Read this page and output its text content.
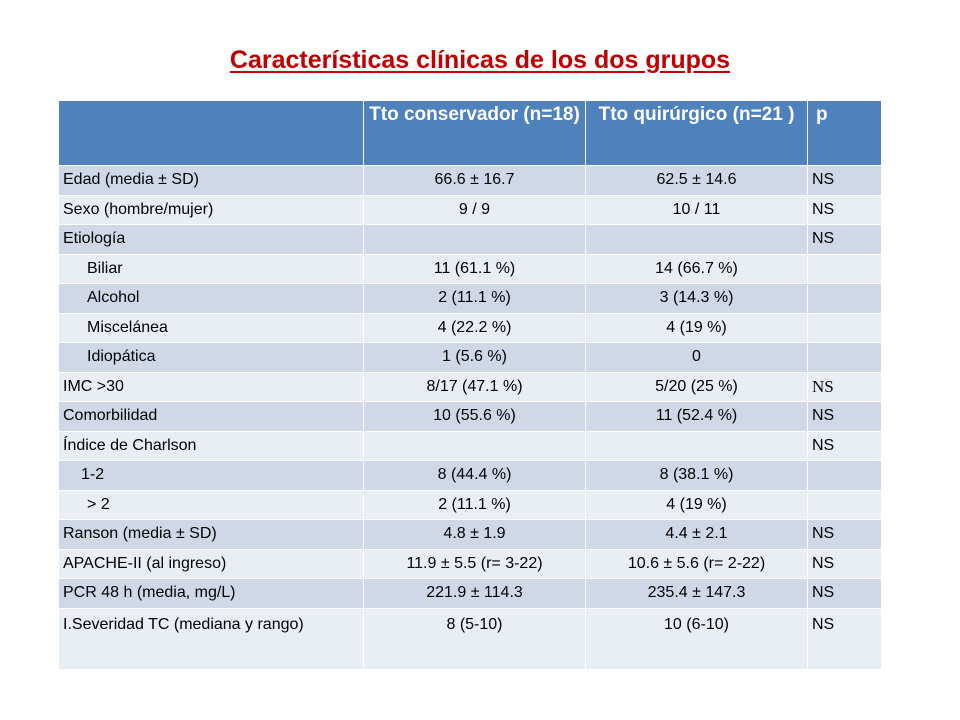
Características clínicas de los dos grupos
	Tto conservador (n=18)	Tto quirúrgico (n=21 )	p
Edad (media ± SD)	66.6 ± 16.7	62.5 ± 14.6	NS
Sexo (hombre/mujer)	9 / 9	10 / 11	NS
Etiología			NS
Biliar	11 (61.1 %)	14 (66.7 %)	
Alcohol	2 (11.1 %)	3 (14.3 %)	
Miscelánea	4 (22.2 %)	4 (19 %)	
Idiopática	1 (5.6 %)	0	
IMC >30	8/17 (47.1 %)	5/20 (25 %)	NS
Comorbilidad	10 (55.6 %)	11 (52.4 %)	NS
Índice de Charlson			NS
1-2	8 (44.4 %)	8 (38.1 %)	
> 2	2 (11.1 %)	4 (19 %)	
Ranson (media ± SD)	4.8 ± 1.9	4.4 ± 2.1	NS
APACHE-II (al ingreso)	11.9 ± 5.5 (r= 3-22)	10.6 ± 5.6 (r= 2-22)	NS
PCR 48 h (media, mg/L)	221.9 ± 114.3	235.4 ± 147.3	NS
I.Severidad TC (mediana y rango)	8 (5-10)	10 (6-10)	NS
